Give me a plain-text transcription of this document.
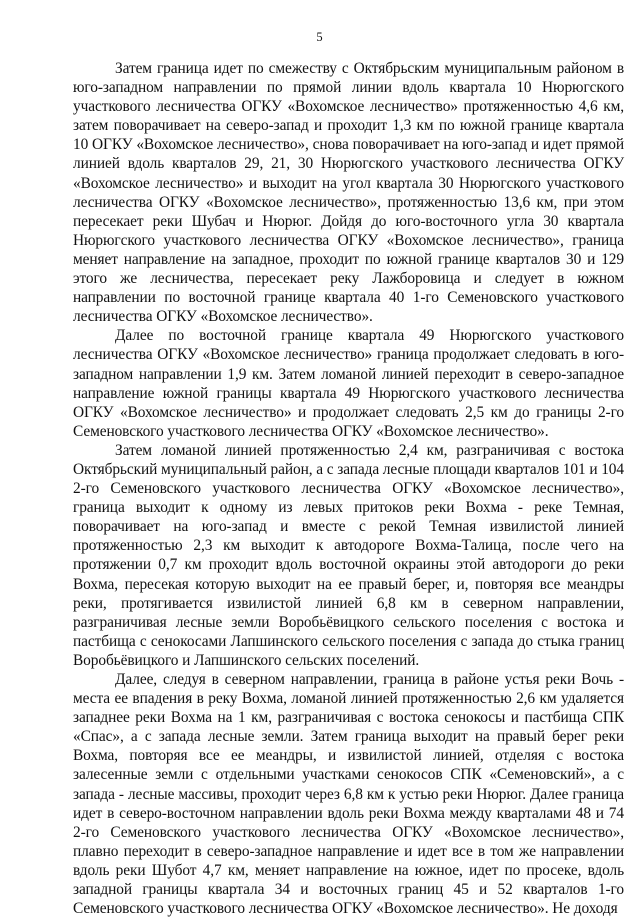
5

Затем граница идет по смежеству с Октябрьским муниципальным районом в юго-западном направлении по прямой линии вдоль квартала 10 Нюрюгского участкового лесничества ОГКУ «Вохомское лесничество» протяженностью 4,6 км, затем поворачивает на северо-запад и проходит 1,3 км по южной границе квартала 10 ОГКУ «Вохомское лесничество», снова поворачивает на юго-запад и идет прямой линией вдоль кварталов 29, 21, 30 Нюрюгского участкового лесничества ОГКУ «Вохомское лесничество» и выходит на угол квартала 30 Нюрюгского участкового лесничества ОГКУ «Вохомское лесничество», протяженностью 13,6 км, при этом пересекает реки Шубач и Нюрюг. Дойдя до юго-восточного угла 30 квартала Нюрюгского участкового лесничества ОГКУ «Вохомское лесничество», граница меняет направление на западное, проходит по южной границе кварталов 30 и 129 этого же лесничества, пересекает реку Лажборовица и следует в южном направлении по восточной границе квартала 40 1-го Семеновского участкового лесничества ОГКУ «Вохомское лесничество».

Далее по восточной границе квартала 49 Нюрюгского участкового лесничества ОГКУ «Вохомское лесничество» граница продолжает следовать в юго-западном направлении 1,9 км. Затем ломаной линией переходит в северо-западное направление южной границы квартала 49 Нюрюгского участкового лесничества ОГКУ «Вохомское лесничество» и продолжает следовать 2,5 км до границы 2-го Семеновского участкового лесничества ОГКУ «Вохомское лесничество».

Затем ломаной линией протяженностью 2,4 км, разграничивая с востока Октябрьский муниципальный район, а с запада лесные площади кварталов 101 и 104 2-го Семеновского участкового лесничества ОГКУ «Вохомское лесничество», граница выходит к одному из левых притоков реки Вохма - реке Темная, поворачивает на юго-запад и вместе с рекой Темная извилистой линией протяженностью 2,3 км выходит к автодороге Вохма-Талица, после чего на протяжении 0,7 км проходит вдоль восточной окраины этой автодороги до реки Вохма, пересекая которую выходит на ее правый берег, и, повторяя все меандры реки, протягивается извилистой линией 6,8 км в северном направлении, разграничивая лесные земли Воробьёвицкого сельского поселения с востока и пастбища с сенокосами Лапшинского сельского поселения с запада до стыка границ Воробьёвицкого и Лапшинского сельских поселений.

Далее, следуя в северном направлении, граница в районе устья реки Вочь - места ее впадения в реку Вохма, ломаной линией протяженностью 2,6 км удаляется западнее реки Вохма на 1 км, разграничивая с востока сенокосы и пастбища СПК «Спас», а с запада лесные земли. Затем граница выходит на правый берег реки Вохма, повторяя все ее меандры, и извилистой линией, отделяя с востока залесенные земли с отдельными участками сенокосов СПК «Семеновский», а с запада - лесные массивы, проходит через 6,8 км к устью реки Нюрюг. Далее граница идет в северо-восточном направлении вдоль реки Вохма между кварталами 48 и 74 2-го Семеновского участкового лесничества ОГКУ «Вохомское лесничество», плавно переходит в северо-западное направление и идет все в том же направлении вдоль реки Шубот 4,7 км, меняет направление на южное, идет по просеке, вдоль западной границы квартала 34 и восточных границ 45 и 52 кварталов 1-го Семеновского участкового лесничества ОГКУ «Вохомское лесничество». Не доходя
